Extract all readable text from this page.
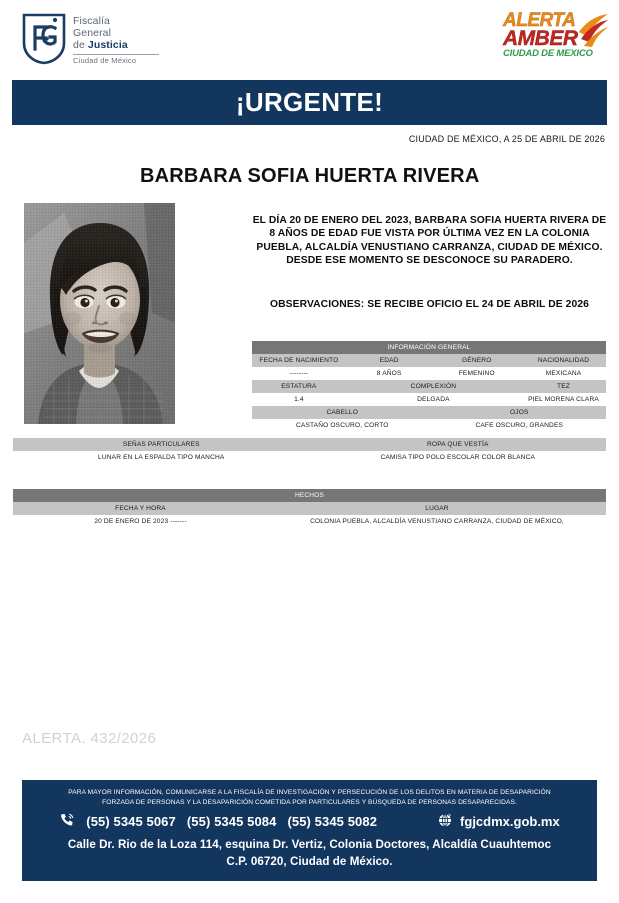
Fiscalía
General
de Justicia
Ciudad de México
ALERTA
AMBER
CIUDAD DE MEXICO
¡URGENTE!
CIUDAD DE MÉXICO, A 25 DE ABRIL DE 2026
BARBARA SOFIA HUERTA RIVERA
EL DÍA 20 DE ENERO DEL 2023, BARBARA SOFIA HUERTA RIVERA DE 8 AÑOS DE EDAD FUE VISTA POR ÚLTIMA VEZ EN LA COLONIA PUEBLA, ALCALDÍA VENUSTIANO CARRANZA, CIUDAD DE MÉXICO. DESDE ESE MOMENTO SE DESCONOCE SU PARADERO.
OBSERVACIONES: SE RECIBE OFICIO EL 24 DE ABRIL DE 2026
INFORMACIÓN GENERAL			
FECHA DE NACIMIENTO	EDAD	GÉNERO	NACIONALIDAD
--------	8 AÑOS	FEMENINO	MEXICANA
ESTATURA	COMPLEXIÓN		TEZ
1.4	DELGADA		PIEL MORENA CLARA
CABELLO		OJOS	
CASTAÑO OSCURO, CORTO		CAFE OSCURO, GRANDES	
SEÑAS PARTICULARES	ROPA QUE VESTÍA
LUNAR EN LA ESPALDA TIPO MANCHA	CAMISA TIPO POLO ESCOLAR COLOR BLANCA
HECHOS	
FECHA Y HORA	LUGAR
20 DE ENERO DE 2023 -------	COLONIA PUEBLA, ALCALDÍA VENUSTIANO CARRANZA, CIUDAD DE MÉXICO,
ALERTA. 432/2026
PARA MAYOR INFORMACIÓN, COMUNICARSE A LA FISCALÍA DE INVESTIGACIÓN Y PERSECUCIÓN DE LOS DELITOS EN MATERIA DE DESAPARICIÓN
FORZADA DE PERSONAS Y LA DESAPARICIÓN COMETIDA POR PARTICULARES Y BÚSQUEDA DE PERSONAS DESAPARECIDAS.
(55) 5345 5067 (55) 5345 5084 (55) 5345 5082	fgjcdmx.gob.mx
Calle Dr. Rio de la Loza 114, esquina Dr. Vertiz, Colonia Doctores, Alcaldía Cuauhtemoc
C.P. 06720, Ciudad de México.
